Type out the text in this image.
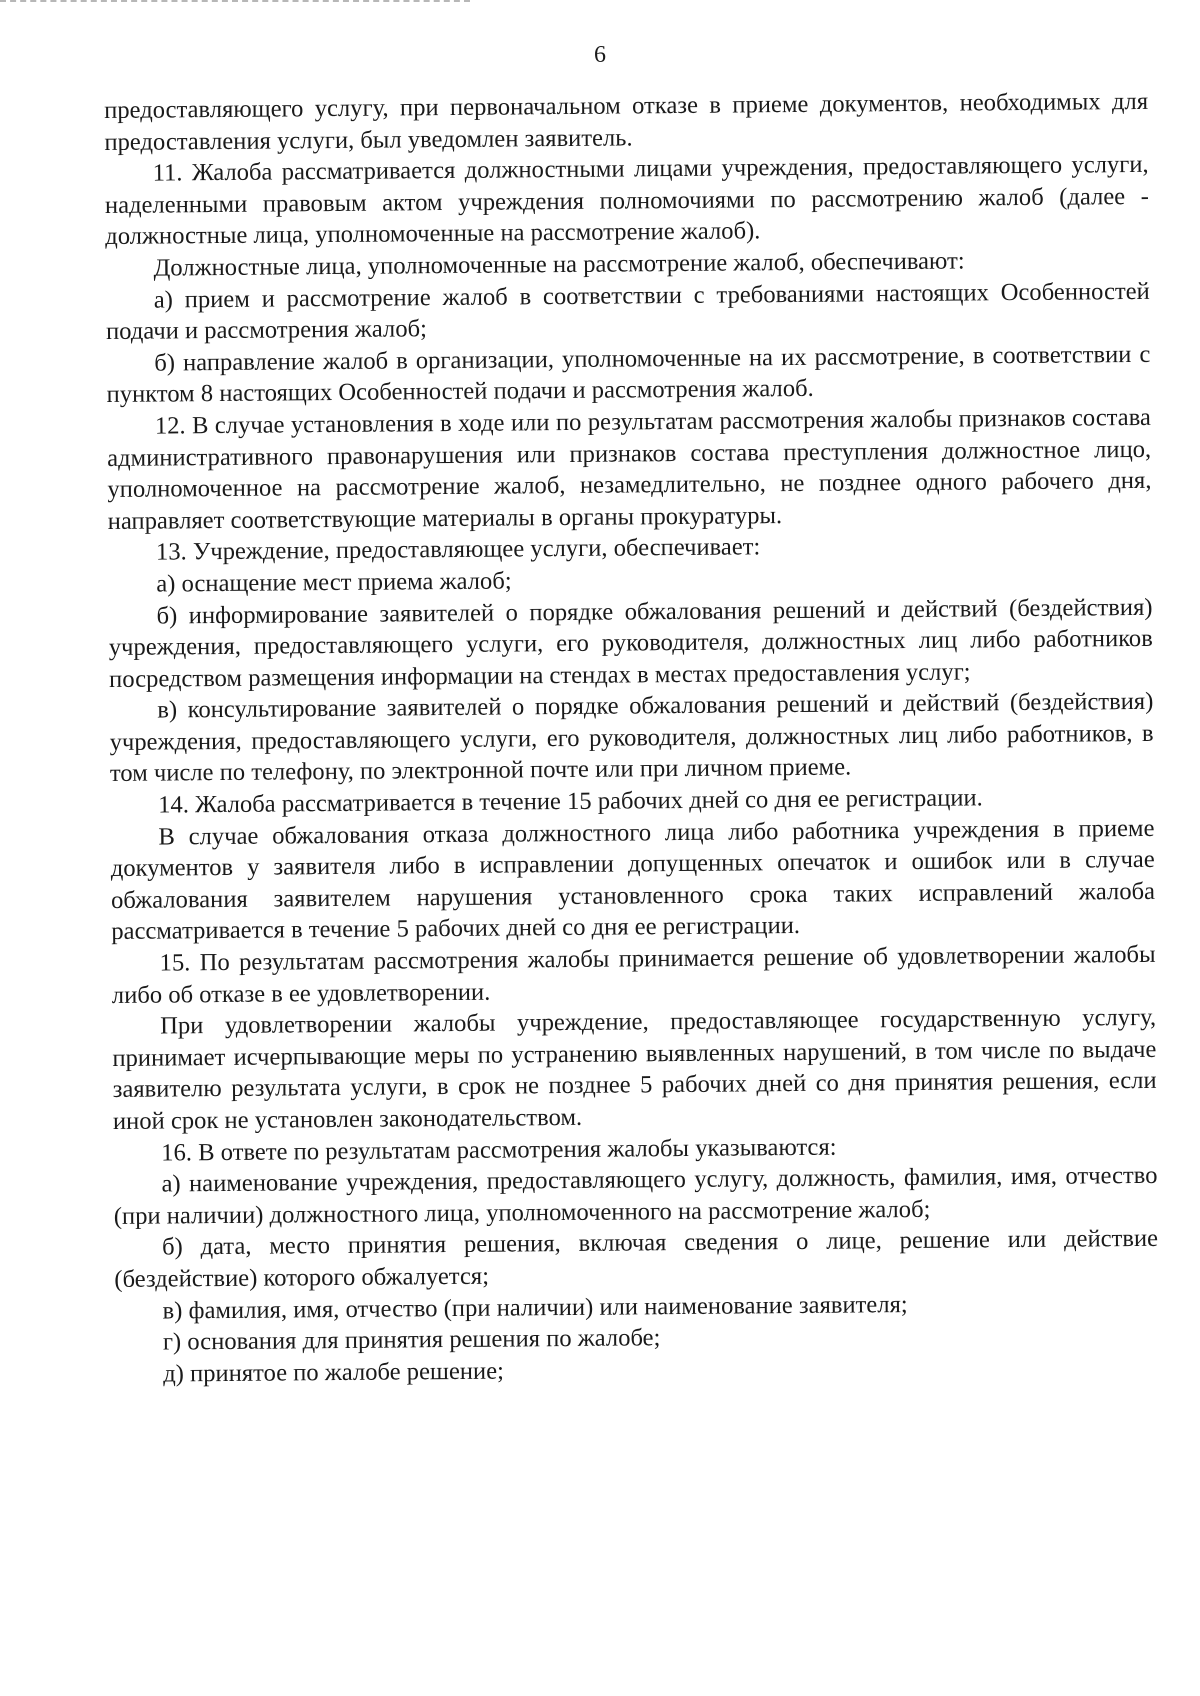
6

предоставляющего услугу, при первоначальном отказе в приеме документов, необходимых для предоставления услуги, был уведомлен заявитель.

11. Жалоба рассматривается должностными лицами учреждения, предоставляющего услуги, наделенными правовым актом учреждения полномочиями по рассмотрению жалоб (далее - должностные лица, уполномоченные на рассмотрение жалоб).

Должностные лица, уполномоченные на рассмотрение жалоб, обеспечивают:

а) прием и рассмотрение жалоб в соответствии с требованиями настоящих Особенностей подачи и рассмотрения жалоб;

б) направление жалоб в организации, уполномоченные на их рассмотрение, в соответствии с пунктом 8 настоящих Особенностей подачи и рассмотрения жалоб.

12. В случае установления в ходе или по результатам рассмотрения жалобы признаков состава административного правонарушения или признаков состава преступления должностное лицо, уполномоченное на рассмотрение жалоб, незамедлительно, не позднее одного рабочего дня, направляет соответствующие материалы в органы прокуратуры.

13. Учреждение, предоставляющее услуги, обеспечивает:

а) оснащение мест приема жалоб;

б) информирование заявителей о порядке обжалования решений и действий (бездействия) учреждения, предоставляющего услуги, его руководителя, должностных лиц либо работников посредством размещения информации на стендах в местах предоставления услуг;

в) консультирование заявителей о порядке обжалования решений и действий (бездействия) учреждения, предоставляющего услуги, его руководителя, должностных лиц либо работников, в том числе по телефону, по электронной почте или при личном приеме.

14. Жалоба рассматривается в течение 15 рабочих дней со дня ее регистрации.

В случае обжалования отказа должностного лица либо работника учреждения в приеме документов у заявителя либо в исправлении допущенных опечаток и ошибок или в случае обжалования заявителем нарушения установленного срока таких исправлений жалоба рассматривается в течение 5 рабочих дней со дня ее регистрации.

15. По результатам рассмотрения жалобы принимается решение об удовлетворении жалобы либо об отказе в ее удовлетворении.

При удовлетворении жалобы учреждение, предоставляющее государственную услугу, принимает исчерпывающие меры по устранению выявленных нарушений, в том числе по выдаче заявителю результата услуги, в срок не позднее 5 рабочих дней со дня принятия решения, если иной срок не установлен законодательством.

16. В ответе по результатам рассмотрения жалобы указываются:

а) наименование учреждения, предоставляющего услугу, должность, фамилия, имя, отчество (при наличии) должностного лица, уполномоченного на рассмотрение жалоб;

б) дата, место принятия решения, включая сведения о лице, решение или действие (бездействие) которого обжалуется;

в) фамилия, имя, отчество (при наличии) или наименование заявителя;

г) основания для принятия решения по жалобе;

д) принятое по жалобе решение;
